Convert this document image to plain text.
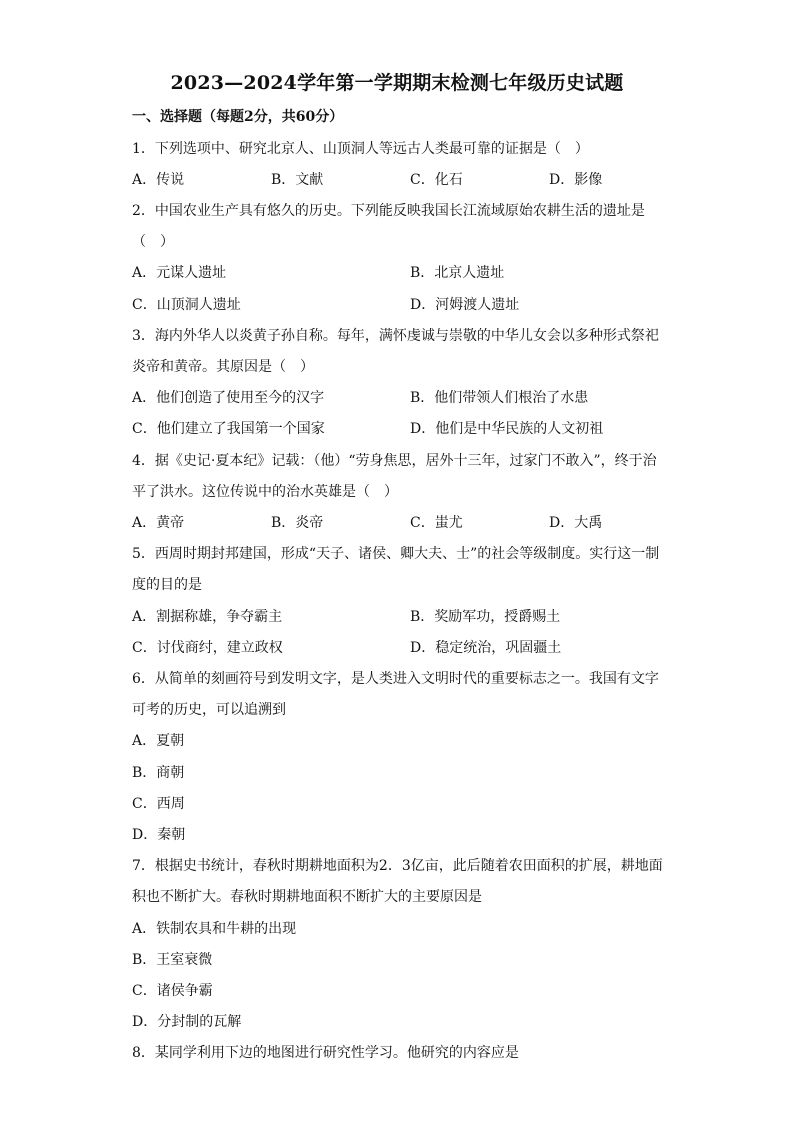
2023—2024学年第一学期期末检测七年级历史试题
一、选择题（每题2分，共60分）
1．下列选项中、研究北京人、山顶洞人等远古人类最可靠的证据是（　）
A．传说	B．文献	C．化石	D．影像
2．中国农业生产具有悠久的历史。下列能反映我国长江流域原始农耕生活的遗址是
（　）
A．元谋人遗址	B．北京人遗址
C．山顶洞人遗址	D．河姆渡人遗址
3．海内外华人以炎黄子孙自称。每年，满怀虔诚与崇敬的中华儿女会以多种形式祭祀
炎帝和黄帝。其原因是（　）
A．他们创造了使用至今的汉字	B．他们带领人们根治了水患
C．他们建立了我国第一个国家	D．他们是中华民族的人文初祖
4．据《史记·夏本纪》记载：（他）“劳身焦思，居外十三年，过家门不敢入”，终于治
平了洪水。这位传说中的治水英雄是（　）
A．黄帝	B．炎帝	C．蚩尤	D．大禹
5．西周时期封邦建国，形成“天子、诸侯、卿大夫、士”的社会等级制度。实行这一制
度的目的是
A．割据称雄，争夺霸主	B．奖励军功，授爵赐土
C．讨伐商纣，建立政权	D．稳定统治，巩固疆土
6．从简单的刻画符号到发明文字，是人类进入文明时代的重要标志之一。我国有文字
可考的历史，可以追溯到
A．夏朝
B．商朝
C．西周
D．秦朝
7．根据史书统计，春秋时期耕地面积为2．3亿亩，此后随着农田面积的扩展，耕地面
积也不断扩大。春秋时期耕地面积不断扩大的主要原因是
A．铁制农具和牛耕的出现
B．王室衰微
C．诸侯争霸
D．分封制的瓦解
8．某同学利用下边的地图进行研究性学习。他研究的内容应是
